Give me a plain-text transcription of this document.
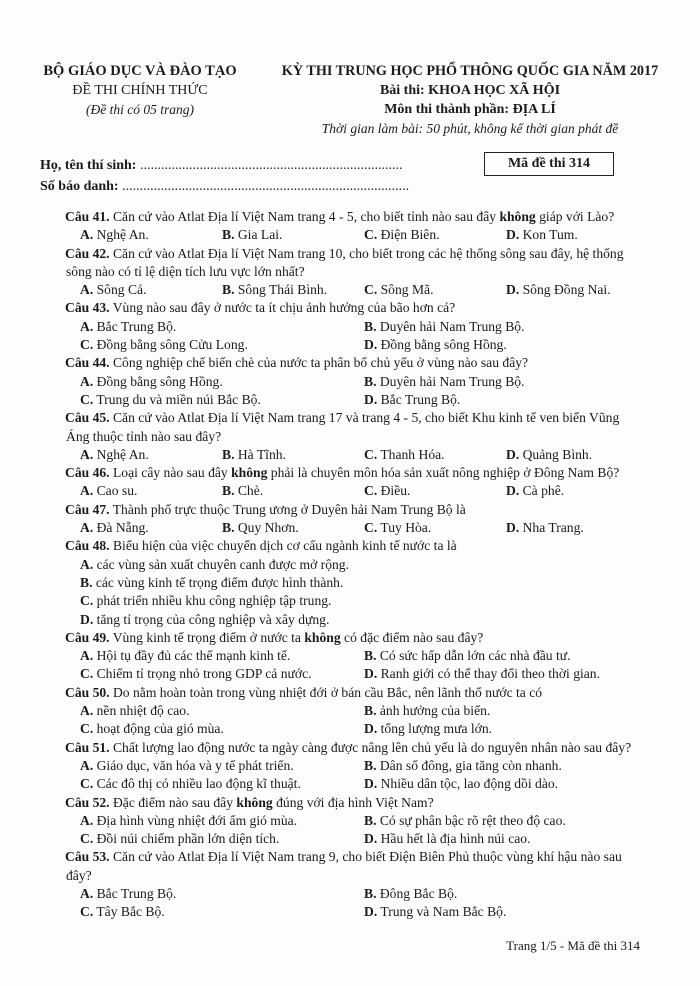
BỘ GIÁO DỤC VÀ ĐÀO TẠO
ĐỀ THI CHÍNH THỨC
(Đề thi có 05 trang)
KỲ THI TRUNG HỌC PHỔ THÔNG QUỐC GIA NĂM 2017
Bài thi: KHOA HỌC XÃ HỘI
Môn thi thành phần: ĐỊA LÍ
Thời gian làm bài: 50 phút, không kể thời gian phát đề
Họ, tên thí sinh: ...........................................................................
Số báo danh: ..................................................................................
Mã đề thi 314
Câu 41. Căn cứ vào Atlat Địa lí Việt Nam trang 4 - 5, cho biết tỉnh nào sau đây không giáp với Lào?
A. Nghệ An.	B. Gia Lai.	C. Điện Biên.	D. Kon Tum.
Câu 42. Căn cứ vào Atlat Địa lí Việt Nam trang 10, cho biết trong các hệ thống sông sau đây, hệ thống sông nào có tỉ lệ diện tích lưu vực lớn nhất?
A. Sông Cả.	B. Sông Thái Bình.	C. Sông Mã.	D. Sông Đồng Nai.
Câu 43. Vùng nào sau đây ở nước ta ít chịu ảnh hưởng của bão hơn cả?
A. Bắc Trung Bộ.	B. Duyên hải Nam Trung Bộ.
C. Đồng bằng sông Cửu Long.	D. Đồng bằng sông Hồng.
Câu 44. Công nghiệp chế biến chè của nước ta phân bố chủ yếu ở vùng nào sau đây?
A. Đồng bằng sông Hồng.	B. Duyên hải Nam Trung Bộ.
C. Trung du và miền núi Bắc Bộ.	D. Bắc Trung Bộ.
Câu 45. Căn cứ vào Atlat Địa lí Việt Nam trang 17 và trang 4 - 5, cho biết Khu kinh tế ven biển Vũng Áng thuộc tỉnh nào sau đây?
A. Nghệ An.	B. Hà Tĩnh.	C. Thanh Hóa.	D. Quảng Bình.
Câu 46. Loại cây nào sau đây không phải là chuyên môn hóa sản xuất nông nghiệp ở Đông Nam Bộ?
A. Cao su.	B. Chè.	C. Điều.	D. Cà phê.
Câu 47. Thành phố trực thuộc Trung ương ở Duyên hải Nam Trung Bộ là
A. Đà Nẵng.	B. Quy Nhơn.	C. Tuy Hòa.	D. Nha Trang.
Câu 48. Biểu hiện của việc chuyển dịch cơ cấu ngành kinh tế nước ta là
A. các vùng sản xuất chuyên canh được mở rộng.
B. các vùng kinh tế trọng điểm được hình thành.
C. phát triển nhiều khu công nghiệp tập trung.
D. tăng tỉ trọng của công nghiệp và xây dựng.
Câu 49. Vùng kinh tế trọng điểm ở nước ta không có đặc điểm nào sau đây?
A. Hội tụ đầy đủ các thế mạnh kinh tế.	B. Có sức hấp dẫn lớn các nhà đầu tư.
C. Chiếm tỉ trọng nhỏ trong GDP cả nước.	D. Ranh giới có thể thay đổi theo thời gian.
Câu 50. Do nằm hoàn toàn trong vùng nhiệt đới ở bán cầu Bắc, nên lãnh thổ nước ta có
A. nền nhiệt độ cao.	B. ảnh hưởng của biển.
C. hoạt động của gió mùa.	D. tổng lượng mưa lớn.
Câu 51. Chất lượng lao động nước ta ngày càng được nâng lên chủ yếu là do nguyên nhân nào sau đây?
A. Giáo dục, văn hóa và y tế phát triển.	B. Dân số đông, gia tăng còn nhanh.
C. Các đô thị có nhiều lao động kĩ thuật.	D. Nhiều dân tộc, lao động dồi dào.
Câu 52. Đặc điểm nào sau đây không đúng với địa hình Việt Nam?
A. Địa hình vùng nhiệt đới ẩm gió mùa.	B. Có sự phân bậc rõ rệt theo độ cao.
C. Đồi núi chiếm phần lớn diện tích.	D. Hầu hết là địa hình núi cao.
Câu 53. Căn cứ vào Atlat Địa lí Việt Nam trang 9, cho biết Điện Biên Phủ thuộc vùng khí hậu nào sau đây?
A. Bắc Trung Bộ.	B. Đông Bắc Bộ.
C. Tây Bắc Bộ.	D. Trung và Nam Bắc Bộ.
Trang 1/5 - Mã đề thi 314
